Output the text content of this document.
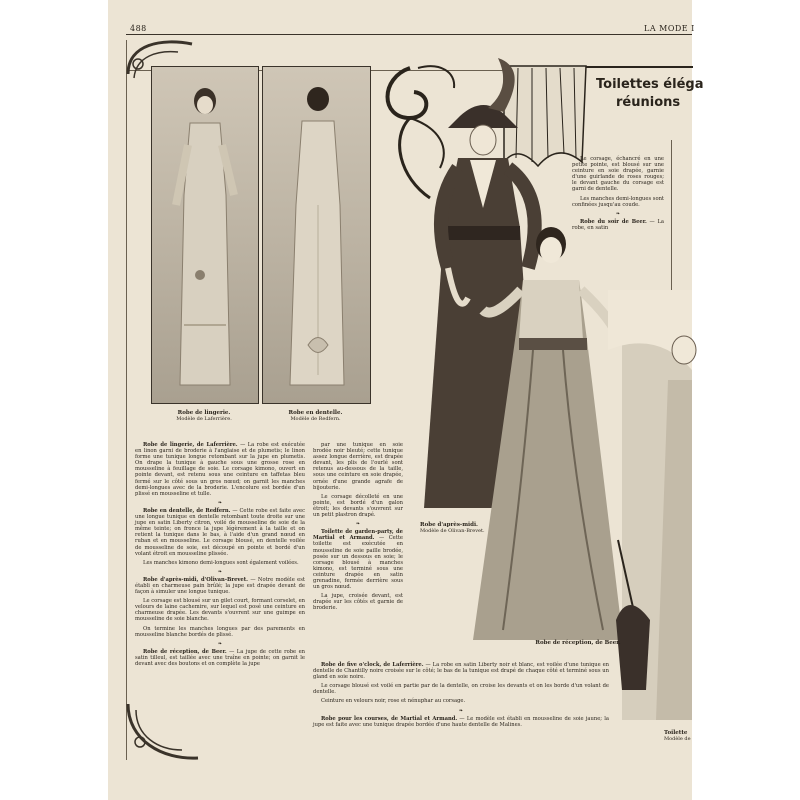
488	LA MODE I
Robe de lingerie.
Modèle de Laferrière.
Robe en dentelle.
Modèle de Redfern.
Toilettes éléga
réunions
Robe d'après-midi.
Modèle de Olivan-Brevet.
Robe de réception, de Beer.
Toilette
Modèle de

Robe de lingerie, de Laferrière. — La robe est exécutée en linon garni de broderie à l'anglaise et de plumetis; le linon forme une tunique longue retombant sur la jupe en plumetis. On drape la tunique à gauche sous une grosse rose en mousseline à feuillage de soie. Le corsage kimono, ouvert en pointe devant, est retenu sous une ceinture en taffetas bleu fermé sur le côté sous un gros nœud; on garnit les manches demi-longues avec de la broderie. L'encolure est bordée d'un plissé en mousseline et tulle.

❧

Robe en dentelle, de Redfern. — Cette robe est faite avec une longue tunique en dentelle retombant toute droite sur une jupe en satin Liberty citron, voilé de mousseline de soie de la même teinte; on fronce la jupe légèrement à la taille et on retient la tunique dans le bas, à l'aide d'un grand nœud en ruban et en mousseline. Le corsage blousé, en dentelle voilée de mousseline de soie, est découpé en pointe et bordé d'un volant étroit en mousseline plissée.

Les manches kimono demi-longues sont également voilées.

❧

Robe d'après-midi, d'Olivan-Brevet. — Notre modèle est établi en charmeuse pain brûlé; la jupe est drapée devant de façon à simuler une longue tunique.

Le corsage est blousé sur un gilet court, formant corselet, en velours de laine cachemire, sur lequel est posé une ceinture en charmeuse drapée. Les devants s'ouvrent sur une guimpe en mousseline de soie blanche.

On termine les manches longues par des parements en mousseline blanche bordés de plissé.

❧

Robe de réception, de Beer. — La jupe de cette robe en satin tilleul, est taillée avec une traîne en pointe; on garnit le devant avec des boutons et on complète la jupe

par une tunique en soie brodée noir bleuté; cette tunique assez longue derrière, est drapée devant, les plis de l'ourlé sont retenus au-dessous de la taille, sous une ceinture en soie drapée, ornée d'une grande agrafe de bijouterie.

Le corsage décolleté en une pointe, est bordé d'un galon étroit; les devants s'ouvrent sur un petit plastron drapé.

❧

Toilette de garden-party, de Martial et Armand. — Cette toilette est exécutée en mousseline de soie paille brodée, posée sur un dessous en soie; le corsage blousé à manches kimono, est terminé sous une ceinture drapée en satin grenadine, fermée derrière sous un gros nœud.

La jupe, croisée devant, est drapée sur les côtés et garnie de broderie.

Le corsage, échancré en une petite pointe, est blousé sur une ceinture en soie drapée, garnie d'une guirlande de roses rouges; le devant gauche du corsage est garni de dentelle.

Les manches demi-longues sont confinées jusqu'au coude.

❧

Robe du soir de Beer. — La robe, en satin

Robe de five o'clock, de Laferrière. — La robe en satin Liberty noir et blanc, est voilée d'une tunique en dentelle de Chantilly noire croisée sur le côté; le bas de la tunique est drapé de chaque côté et terminé sous un gland en soie noire.

Le corsage blousé est voilé en partie par de la dentelle, on croise les devants et on les borde d'un volant de dentelle.

Ceinture en velours noir, rose et nénuphar au corsage.

❧

Robe pour les courses, de Martial et Armand. — Le modèle est établi en mousseline de soie jaune; la jupe est faite avec une tunique drapée bordée d'une haute dentelle de Malines.
